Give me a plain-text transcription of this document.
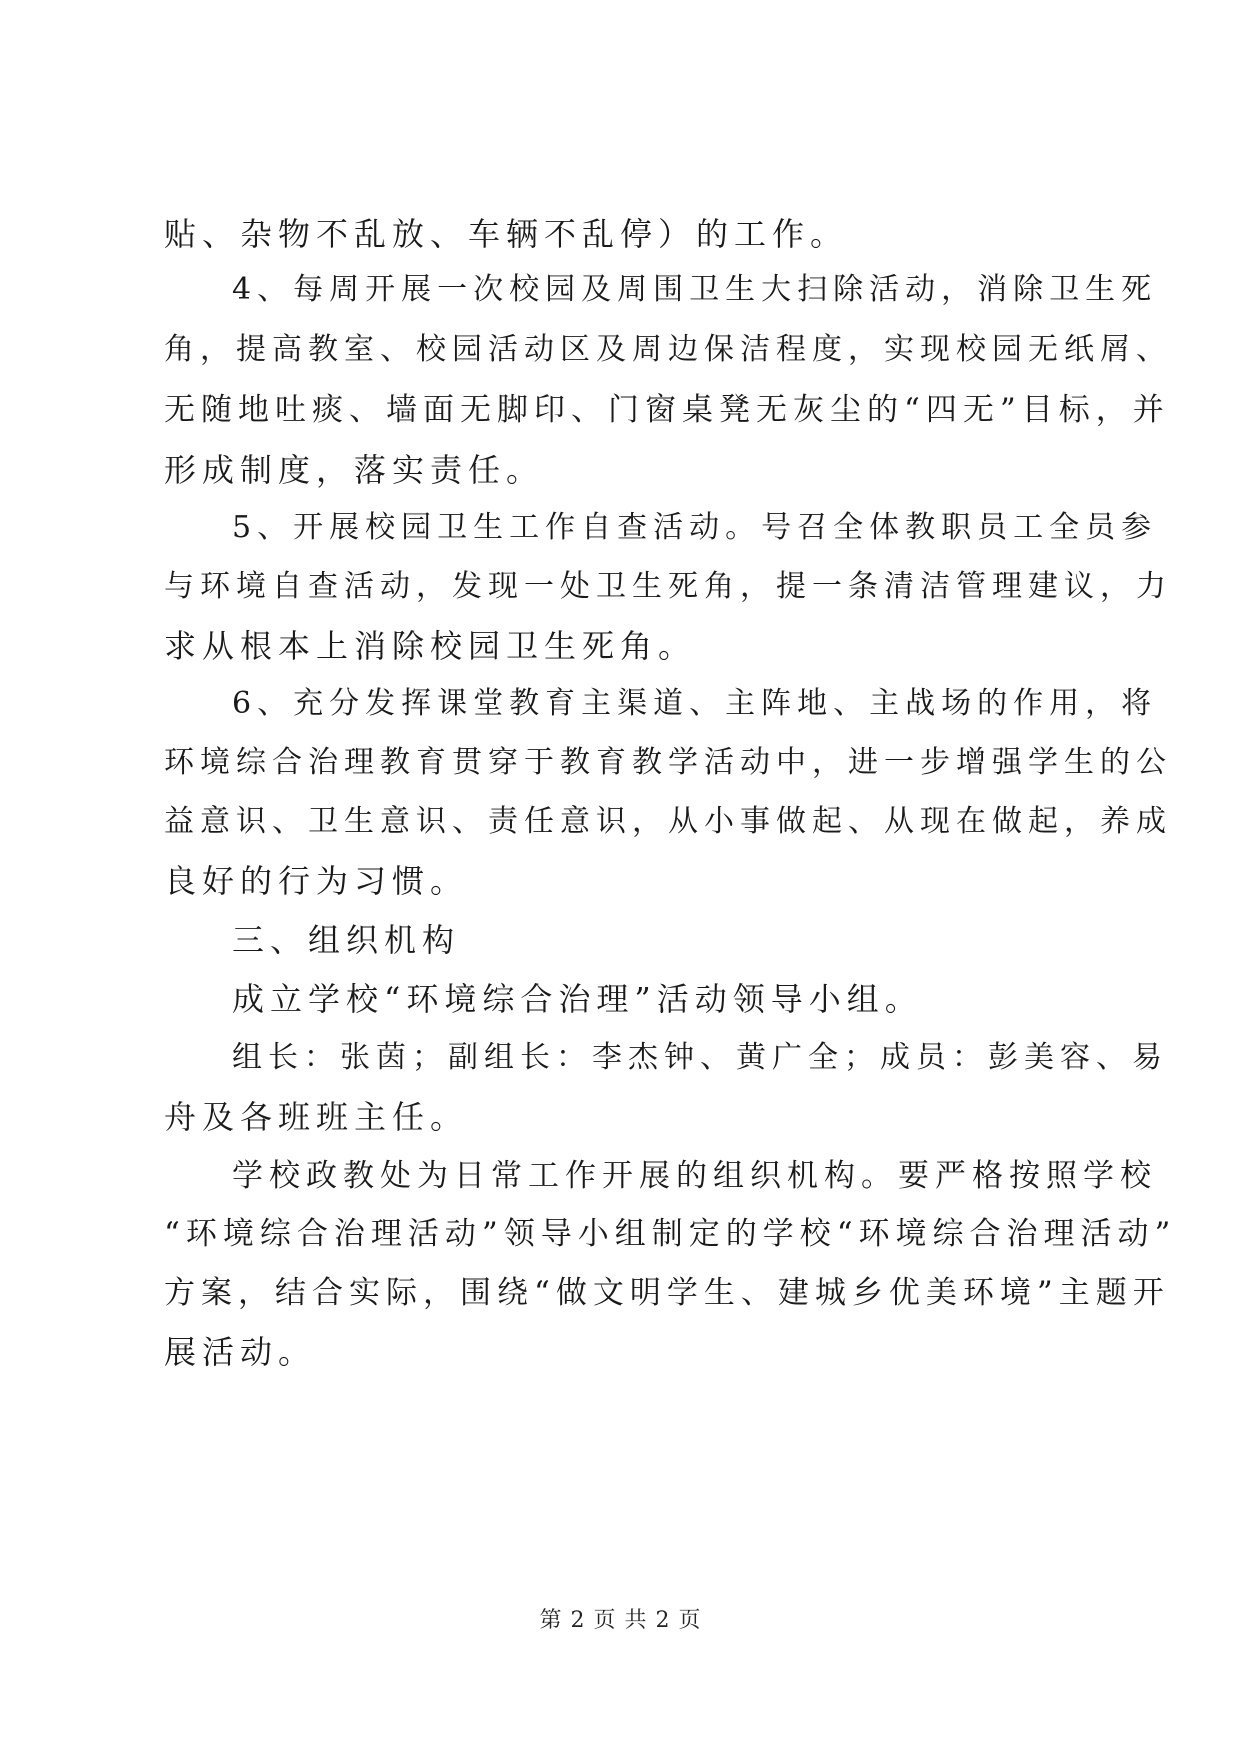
贴、杂物不乱放、车辆不乱停）的工作。
4、每周开展一次校园及周围卫生大扫除活动，消除卫生死
角，提高教室、校园活动区及周边保洁程度，实现校园无纸屑、
无随地吐痰、墙面无脚印、门窗桌凳无灰尘的“四无”目标，并
形成制度，落实责任。
5、开展校园卫生工作自查活动。号召全体教职员工全员参
与环境自查活动，发现一处卫生死角，提一条清洁管理建议，力
求从根本上消除校园卫生死角。
6、充分发挥课堂教育主渠道、主阵地、主战场的作用，将
环境综合治理教育贯穿于教育教学活动中，进一步增强学生的公
益意识、卫生意识、责任意识，从小事做起、从现在做起，养成
良好的行为习惯。
三、组织机构
成立学校“环境综合治理”活动领导小组。
组长：张茵；副组长：李杰钟、黄广全；成员：彭美容、易
舟及各班班主任。
学校政教处为日常工作开展的组织机构。要严格按照学校
“环境综合治理活动”领导小组制定的学校“环境综合治理活动”
方案，结合实际，围绕“做文明学生、建城乡优美环境”主题开
展活动。
第 2 页 共 2 页
